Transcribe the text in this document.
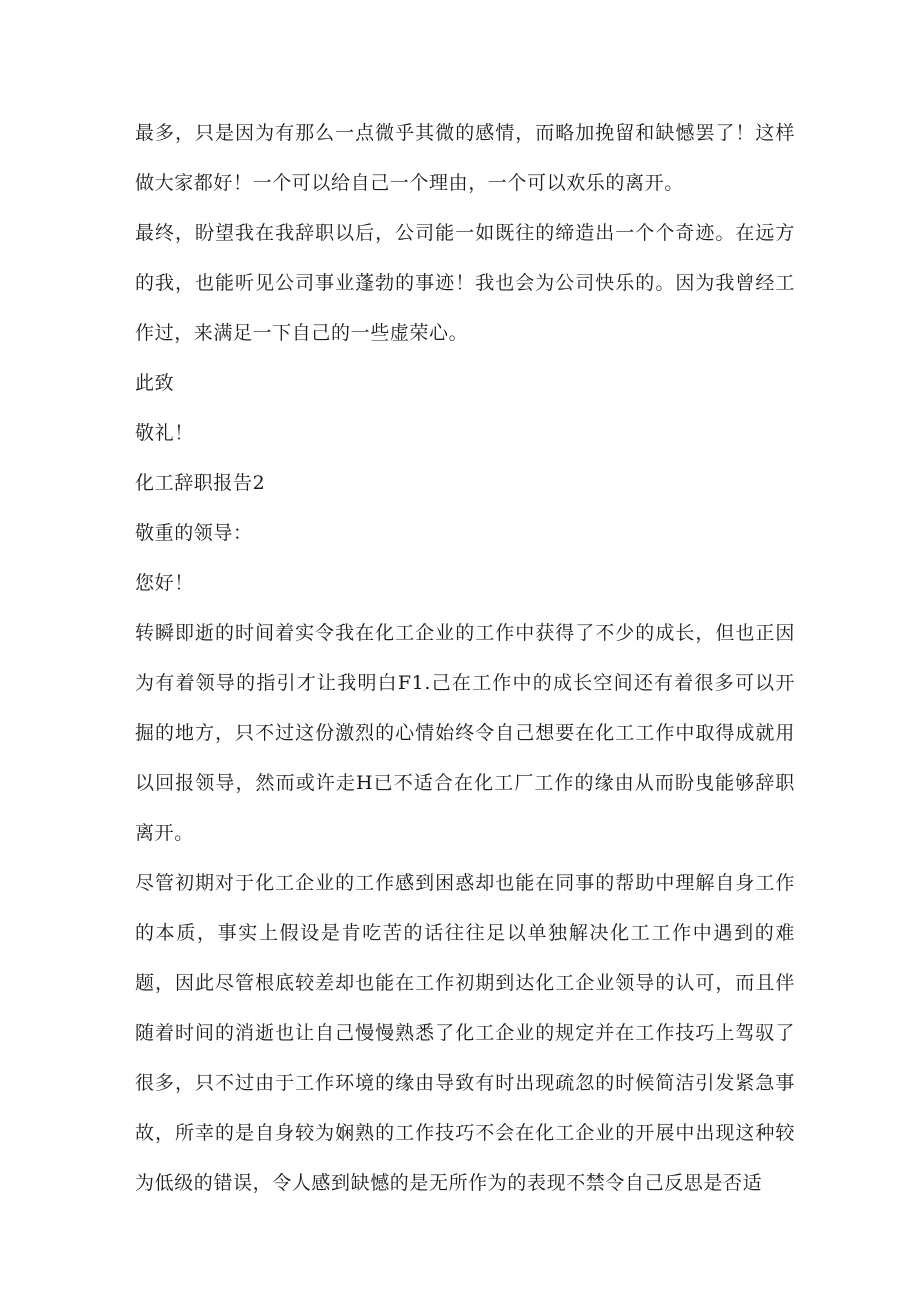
最多，只是因为有那么一点微乎其微的感情，而略加挽留和缺憾罢了！这样做大家都好！一个可以给自己一个理由，一个可以欢乐的离开。

最终，盼望我在我辞职以后，公司能一如既往的缔造出一个个奇迹。在远方的我，也能听见公司事业蓬勃的事迹！我也会为公司快乐的。因为我曾经工作过，来满足一下自己的一些虚荣心。

此致

敬礼！

化工辞职报告2

敬重的领导：

您好！

转瞬即逝的时间着实令我在化工企业的工作中获得了不少的成长，但也正因为有着领导的指引才让我明白F1.己在工作中的成长空间还有着很多可以开掘的地方，只不过这份激烈的心情始终令自己想要在化工工作中取得成就用以回报领导，然而或许走H已不适合在化工厂工作的缘由从而盼曳能够辞职离开。

尽管初期对于化工企业的工作感到困惑却也能在同事的帮助中理解自身工作的本质，事实上假设是肯吃苦的话往往足以单独解决化工工作中遇到的难题，因此尽管根底较差却也能在工作初期到达化工企业领导的认可，而且伴随着时间的消逝也让自己慢慢熟悉了化工企业的规定并在工作技巧上驾驭了很多，只不过由于工作环境的缘由导致有时出现疏忽的时候简洁引发紧急事故，所幸的是自身较为娴熟的工作技巧不会在化工企业的开展中出现这种较为低级的错误，令人感到缺憾的是无所作为的表现不禁令自己反思是否适
